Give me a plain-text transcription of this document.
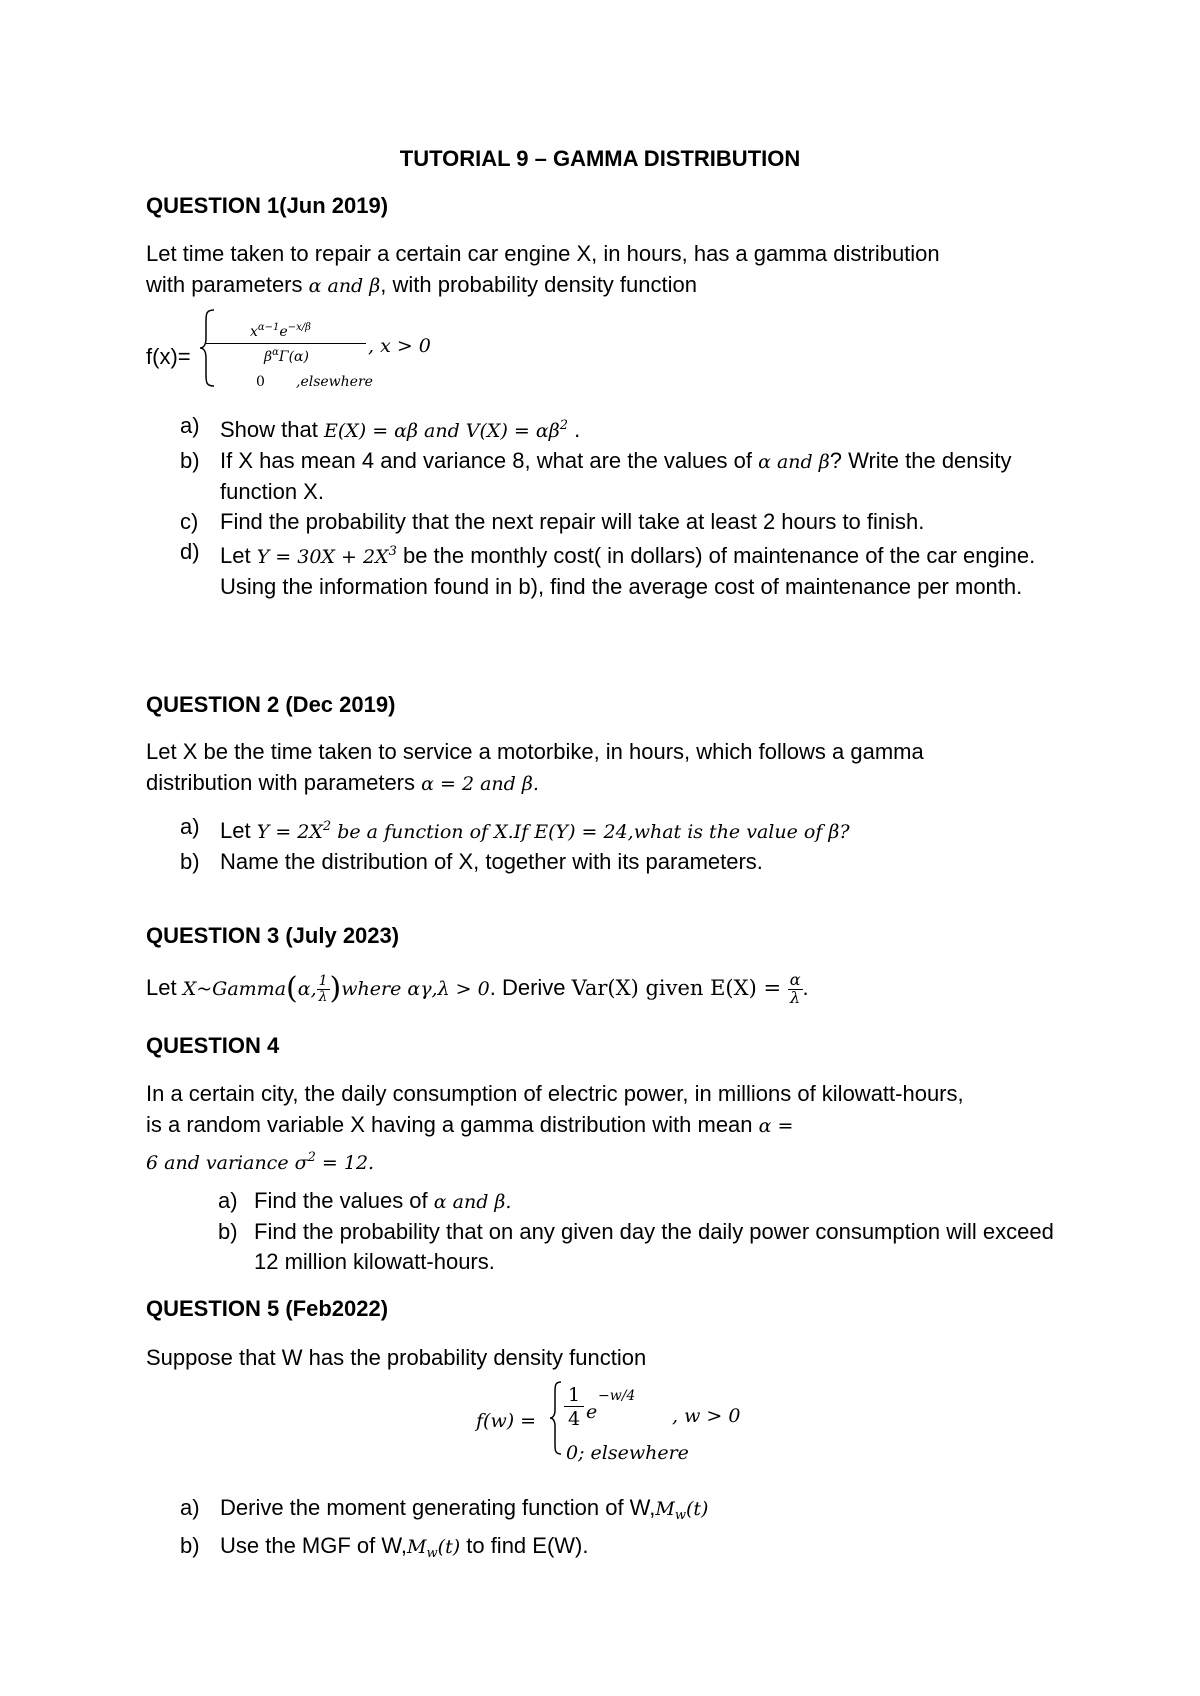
TUTORIAL 9 – GAMMA DISTRIBUTION
QUESTION 1(Jun 2019)
Let time taken to repair a certain car engine X, in hours, has a gamma distribution
with parameters α and β, with probability density function
f(x)=
$x^{\alpha-1}e^{-x/\beta}$
$\beta^\alpha\Gamma(\alpha)$	, x > 0
0 ,elsewhere
a) Show that E(X) = αβ and $V(X) = \alpha\beta^2$ .
b) If X has mean 4 and variance 8, what are the values of α and β? Write the density function X.
c) Find the probability that the next repair will take at least 2 hours to finish.
d) Let $Y = 30X + 2X^3$ be the monthly cost( in dollars) of maintenance of the car engine. Using the information found in b), find the average cost of maintenance per month.
QUESTION 2 (Dec 2019)
Let X be the time taken to service a motorbike, in hours, which follows a gamma
distribution with parameters α = 2 and β.
a) Let $Y = 2X^2$ be a function of X.If E(Y) = 24,what is the value of β?
b) Name the distribution of X, together with its parameters.
QUESTION 3 (July 2023)
Let X~Gamma(α, $\frac{1}{\lambda}$ )where αγ,λ > 0. Derive Var(X) given $E(X) = \frac{\alpha}{\lambda}$ .
QUESTION 4
In a certain city, the daily consumption of electric power, in millions of kilowatt-hours,
is a random variable X having a gamma distribution with mean α =
6 and variance $\sigma^2 = 12$.
a) Find the values of α and β.
b) Find the probability that on any given day the daily power consumption will exceed 12 million kilowatt-hours.
QUESTION 5 (Feb2022)
Suppose that W has the probability density function
f(w) =
1
4 e
−w/4
, w > 0
0; elsewhere
a) Derive the moment generating function of $W,M_w(t)$
b) Use the MGF of $W,M_w(t)$ to find E(W).
